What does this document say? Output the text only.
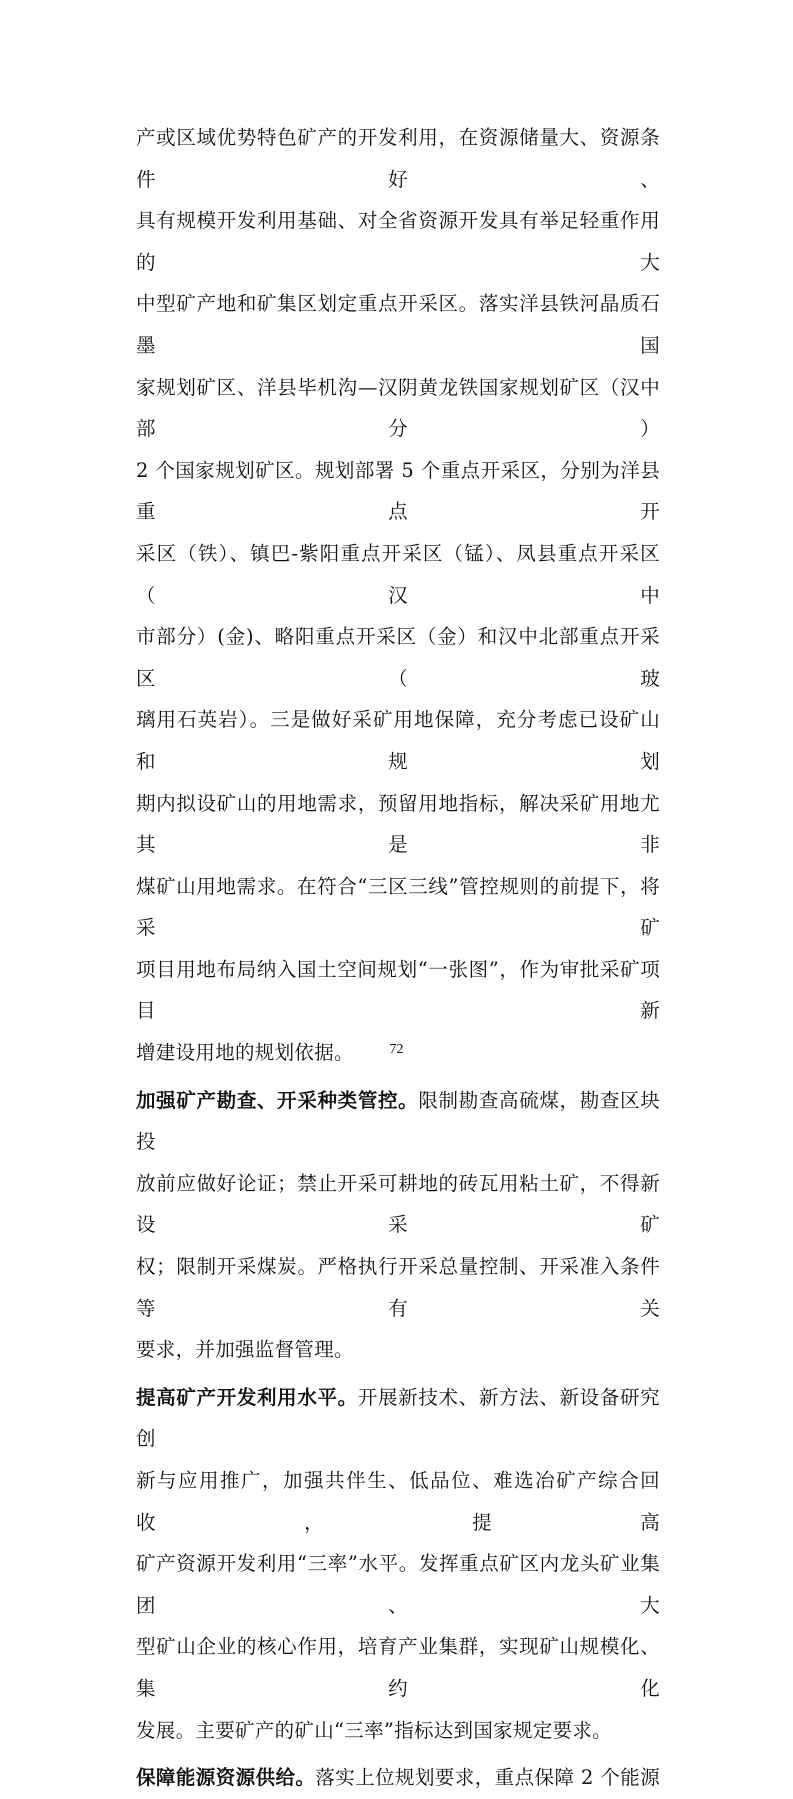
产或区域优势特色矿产的开发利用，在资源储量大、资源条件好、
具有规模开发利用基础、对全省资源开发具有举足轻重作用的大
中型矿产地和矿集区划定重点开采区。落实洋县铁河晶质石墨国
家规划矿区、洋县毕机沟—汉阴黄龙铁国家规划矿区（汉中部分）
2 个国家规划矿区。规划部署 5 个重点开采区，分别为洋县重点开
采区（铁）、镇巴-紫阳重点开采区（锰）、凤县重点开采区（汉中
市部分）(金)、略阳重点开采区（金）和汉中北部重点开采区（玻
璃用石英岩）。三是做好采矿用地保障，充分考虑已设矿山和规划
期内拟设矿山的用地需求，预留用地指标，解决采矿用地尤其是非
煤矿山用地需求。在符合“三区三线”管控规则的前提下，将采矿
项目用地布局纳入国土空间规划“一张图”，作为审批采矿项目新
增建设用地的规划依据。
加强矿产勘查、开采种类管控。限制勘查高硫煤，勘查区块投
放前应做好论证；禁止开采可耕地的砖瓦用粘土矿，不得新设采矿
权；限制开采煤炭。严格执行开采总量控制、开采准入条件等有关
要求，并加强监督管理。
提高矿产开发利用水平。开展新技术、新方法、新设备研究创
新与应用推广，加强共伴生、低品位、难选冶矿产综合回收，提高
矿产资源开发利用“三率”水平。发挥重点矿区内龙头矿业集团、大
型矿山企业的核心作用，培育产业集群，实现矿山规模化、集约化
发展。主要矿产的矿山“三率”指标达到国家规定要求。
保障能源资源供给。落实上位规划要求，重点保障 2 个能源
72
